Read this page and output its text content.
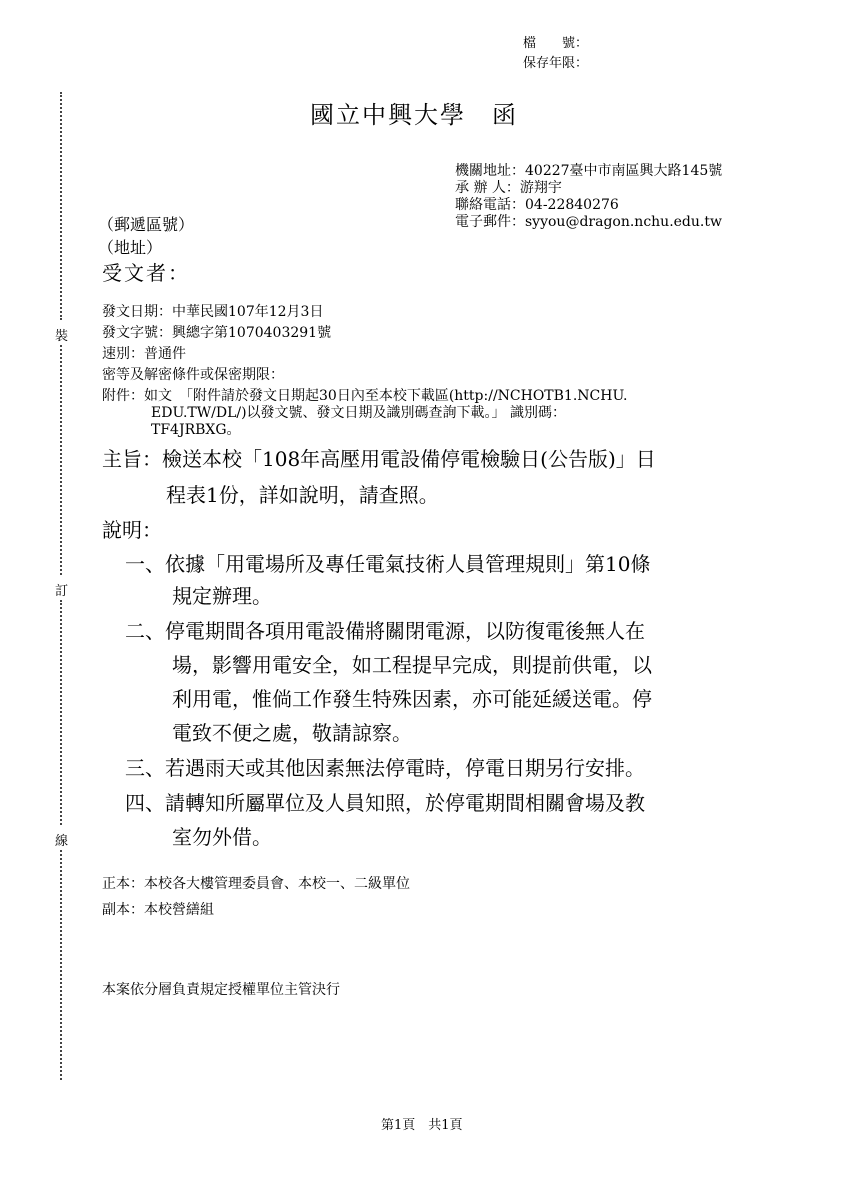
裝
訂
線
檔　　號：
保存年限：
國立中興大學　函
機關地址：40227臺中市南區興大路145號
承 辦 人：游翔宇
聯絡電話：04-22840276
電子郵件：syyou@dragon.nchu.edu.tw
（郵遞區號）
（地址）
受文者：
發文日期：中華民國107年12月3日
發文字號：興總字第1070403291號
速別：普通件
密等及解密條件或保密期限：
附件：如文　「附件請於發文日期起30日內至本校下載區(http://NCHOTB1.NCHU.
EDU.TW/DL/)以發文號、發文日期及識別碼查詢下載。」 識別碼：
TF4JRBXG。
主旨：檢送本校「108年高壓用電設備停電檢驗日(公告版)」日
程表1份，詳如說明，請查照。
說明：
一、依據「用電場所及專任電氣技術人員管理規則」第10條
規定辦理。
二、停電期間各項用電設備將關閉電源，以防復電後無人在
場，影響用電安全，如工程提早完成，則提前供電，以
利用電，惟倘工作發生特殊因素，亦可能延緩送電。停
電致不便之處，敬請諒察。
三、若遇雨天或其他因素無法停電時，停電日期另行安排。
四、請轉知所屬單位及人員知照，於停電期間相關會場及教
室勿外借。
正本：本校各大樓管理委員會、本校一、二級單位
副本：本校營繕組
本案依分層負責規定授權單位主管決行
第1頁　共1頁
